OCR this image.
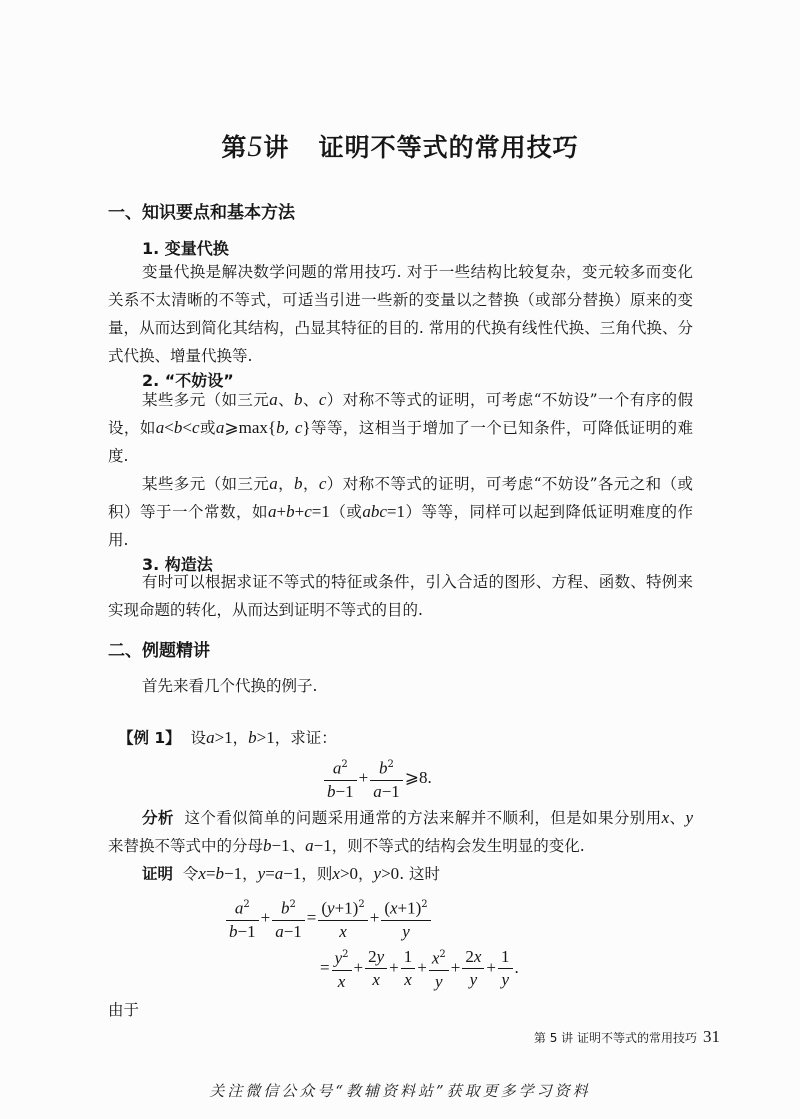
第5讲 证明不等式的常用技巧
一、知识要点和基本方法
1. 变量代换
变量代换是解决数学问题的常用技巧. 对于一些结构比较复杂，变元较多而变化关系不太清晰的不等式，可适当引进一些新的变量以之替换（或部分替换）原来的变量，从而达到简化其结构，凸显其特征的目的. 常用的代换有线性代换、三角代换、分式代换、增量代换等.
2. “不妨设”
某些多元（如三元a、b、c）对称不等式的证明，可考虑“不妨设”一个有序的假设，如a<b<c或a⩾max{b, c}等等，这相当于增加了一个已知条件，可降低证明的难度.
某些多元（如三元a，b，c）对称不等式的证明，可考虑“不妨设”各元之和（或积）等于一个常数，如a+b+c=1（或abc=1）等等，同样可以起到降低证明难度的作用.
3. 构造法
有时可以根据求证不等式的特征或条件，引入合适的图形、方程、函数、特例来实现命题的转化，从而达到证明不等式的目的.
二、例题精讲
首先来看几个代换的例子.
【例 1】 设a>1，b>1，求证：
$\frac{a^2}{b-1} + \frac{b^2}{a-1}$ ⩾8.
分析 这个看似简单的问题采用通常的方法来解并不顺利，但是如果分别用x、y来替换不等式中的分母b−1、a−1，则不等式的结构会发生明显的变化.
证明 令x=b−1，y=a−1，则x>0，y>0. 这时
$\frac{a^2}{b-1} + \frac{b^2}{a-1} = \frac{(y+1)^2}{x} + \frac{(x+1)^2}{y}$
= $\frac{y^2}{x} + \frac{2y}{x} + \frac{1}{x} + \frac{x^2}{y} + \frac{2x}{y} + \frac{1}{y}$ .
由于
第 5 讲 证明不等式的常用技巧 31
关注微信公众号“教辅资料站”获取更多学习资料
